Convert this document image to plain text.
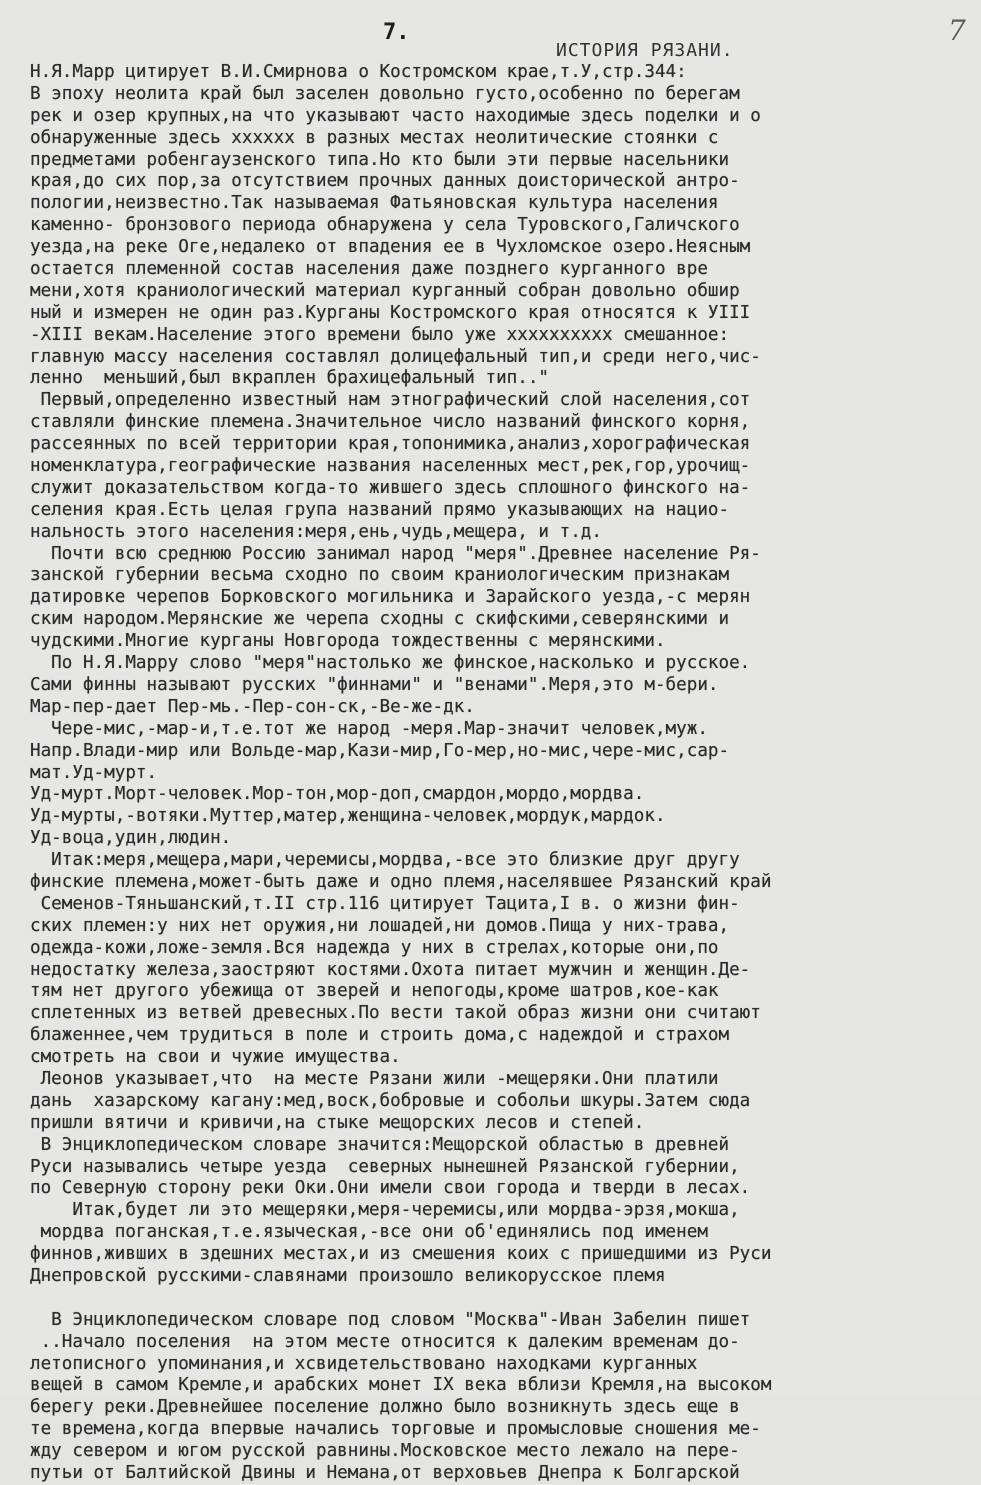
7.
ИСТОРИЯ РЯЗАНИ.
7
Н.Я.Марр цитирует В.И.Смирнова о Костромском крае,т.У,стр.344:
В эпоху неолита край был заселен довольно густо,особенно по берегам
рек и озер крупных,на что указывают часто находимые здесь поделки и о
обнаруженные здесь хххххх в разных местах неолитические стоянки с
предметами робенгаузенского типа.Но кто были эти первые насельники
края,до сих пор,за отсутствием прочных данных доисторической антро-
пологии,неизвестно.Так называемая Фатьяновская культура населения
каменно- бронзового периода обнаружена у села Туровского,Галичского
уезда,на реке Оге,недалеко от впадения ее в Чухломское озеро.Неясным
остается племенной состав населения даже позднего курганного вре
мени,хотя краниологический материал курганный собран довольно обшир
ный и измерен не один раз.Курганы Костромского края относятся к УIII
-XIII векам.Население этого времени было уже хххххххххх смешанное:
главную массу населения составлял долицефальный тип,и среди него,чис-
ленно  меньший,был вкраплен брахицефальный тип.."
Первый,определенно известный нам этнографический слой населения,сот
ставляли финские племена.Значительное число названий финского корня,
рассеянных по всей территории края,топонимика,анализ,хорографическая
номенклатура,географические названия населенных мест,рек,гор,урочищ-
служит доказательством когда-то жившего здесь сплошного финского на-
селения края.Есть целая група названий прямо указывающих на нацио-
нальность этого населения:меря,ень,чудь,мещера, и т.д.
Почти всю среднюю Россию занимал народ "меря".Древнее население Ря-
занской губернии весьма сходно по своим краниологическим признакам
датировке черепов Борковского могильника и Зарайского уезда,-с мерян
ским народом.Мерянские же черепа сходны с скифскими,северянскими и
чудскими.Многие курганы Новгорода тождественны с мерянскими.
По Н.Я.Марру слово "меря"настолько же финское,насколько и русское.
Сами финны называют русских "финнами" и "венами".Меря,это м-бери.
Мар-пер-дает Пер-мь.-Пер-сон-ск,-Ве-же-дк.
Чере-мис,-мар-и,т.е.тот же народ -меря.Мар-значит человек,муж.
Напр.Влади-мир или Вольде-мар,Кази-мир,Го-мер,но-мис,чере-мис,сар-
мат.Уд-мурт.
Уд-мурт.Морт-человек.Мор-тон,мор-доп,смардон,мордо,мордва.
Уд-мурты,-вотяки.Муттер,матер,женщина-человек,мордук,мардок.
Уд-воца,удин,людин.
Итак:меря,мещера,мари,черемисы,мордва,-все это близкие друг другу
финские племена,может-быть даже и одно племя,населявшее Рязанский край
Семенов-Тяньшанский,т.II стр.116 цитирует Тацита,I в. о жизни фин-
ских племен:у них нет оружия,ни лошадей,ни домов.Пища у них-трава,
одежда-кожи,ложе-земля.Вся надежда у них в стрелах,которые они,по
недостатку железа,заостряют костями.Охота питает мужчин и женщин.Де-
тям нет другого убежища от зверей и непогоды,кроме шатров,кое-как
сплетенных из ветвей древесных.По вести такой образ жизни они считают
блаженнее,чем трудиться в поле и строить дома,с надеждой и страхом
смотреть на свои и чужие имущества.
Леонов указывает,что  на месте Рязани жили -мещеряки.Они платили
дань  хазарскому кагану:мед,воск,бобровые и собольи шкуры.Затем сюда
пришли вятичи и кривичи,на стыке мещорских лесов и степей.
В Энциклопедическом словаре значится:Мещорской областью в древней
Руси назывались четыре уезда  северных нынешней Рязанской губернии,
по Северную сторону реки Оки.Они имели свои города и тверди в лесах.
Итак,будет ли это мещеряки,меря-черемисы,или мордва-эрзя,мокша,
мордва поганская,т.е.языческая,-все они об'единялись под именем
финнов,живших в здешних местах,и из смешения коих с пришедшими из Руси
Днепровской русскими-славянами произошло великорусское племя
В Энциклопедическом словаре под словом "Москва"-Иван Забелин пишет
..Начало поселения  на этом месте относится к далеким временам до-
летописного упоминания,и хсвидетельствовано находками курганных
вещей в самом Кремле,и арабских монет IX века вблизи Кремля,на высоком
берегу реки.Древнейшее поселение должно было возникнуть здесь еще в
те времена,когда впервые начались торговые и промысловые сношения ме-
жду севером и югом русской равнины.Московское место лежало на пере-
путьи от Балтийской Двины и Немана,от верховьев Днепра к Болгарской
